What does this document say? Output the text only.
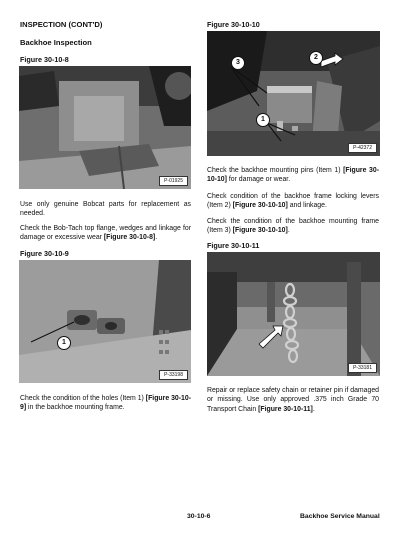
INSPECTION (CONT'D)
Backhoe Inspection
Figure 30-10-8
P-01925
Use only genuine Bobcat parts for replacement as needed.
Check the Bob-Tach top flange, wedges and linkage for damage or excessive wear [Figure 30-10-8].
Figure 30-10-9
1
P-33198
Check the condition of the holes (Item 1) [Figure 30-10-9] in the backhoe mounting frame.
Figure 30-10-10
3
2
1
P-42372
Check the backhoe mounting pins (Item 1) [Figure 30-10-10] for damage or wear.
Check condition of the backhoe frame locking levers (Item 2) [Figure 30-10-10] and linkage.
Check the condition of the backhoe mounting frame (Item 3) [Figure 30-10-10].
Figure 30-10-11
P-33181
Repair or replace safety chain or retainer pin if damaged or missing. Use only approved .375 inch Grade 70 Transport Chain [Figure 30-10-11].
30-10-6	Backhoe Service Manual
